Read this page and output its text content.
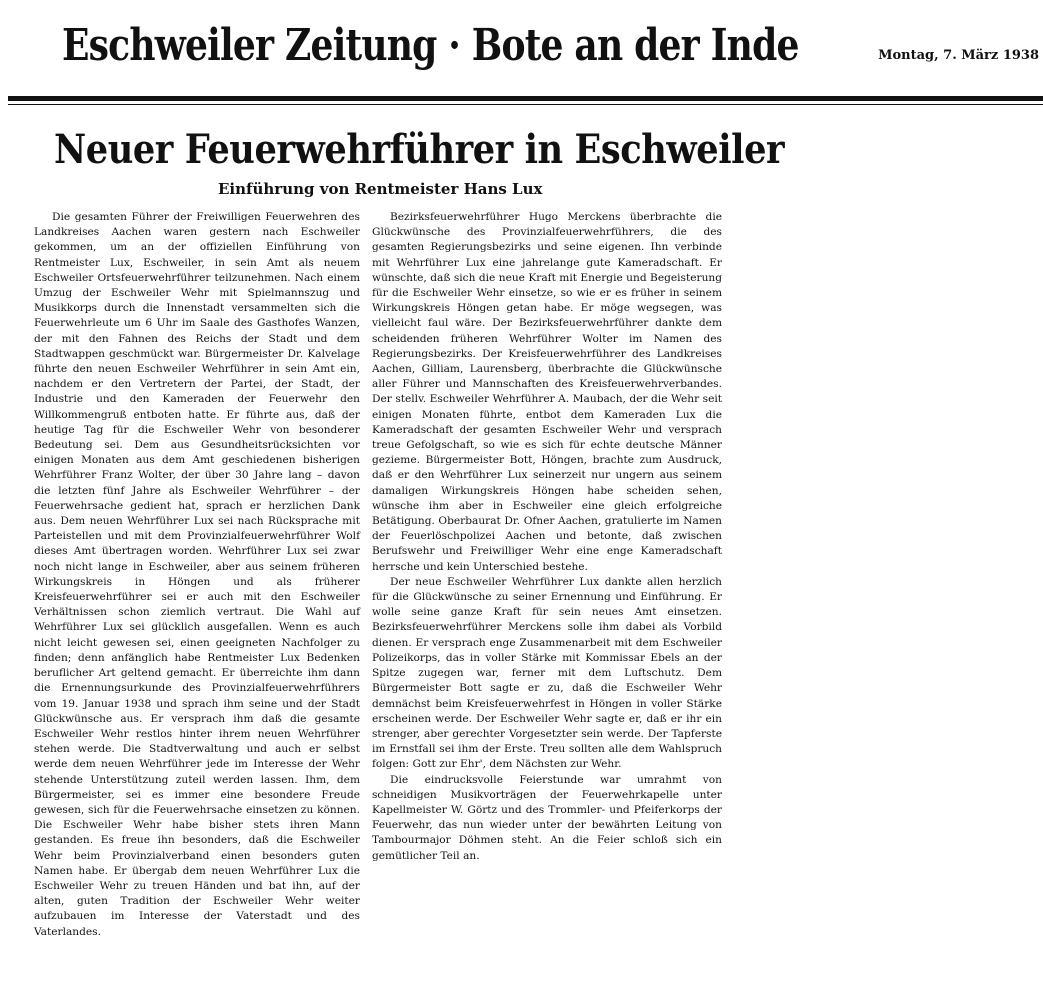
Eschweiler Zeitung · Bote an der Inde	Montag, 7. März 1938
Neuer Feuerwehrführer in Eschweiler
Einführung von Rentmeister Hans Lux

Die gesamten Führer der Freiwilligen Feuerwehren des Landkreises Aachen waren gestern nach Eschweiler gekommen, um an der offiziellen Einführung von Rentmeister Lux, Eschweiler, in sein Amt als neuem Eschweiler Ortsfeuerwehrführer teilzunehmen. Nach einem Umzug der Eschweiler Wehr mit Spielmannszug und Musikkorps durch die Innenstadt versammelten sich die Feuerwehrleute um 6 Uhr im Saale des Gasthofes Wanzen, der mit den Fahnen des Reichs der Stadt und dem Stadtwappen geschmückt war. Bürgermeister Dr. Kalvelage führte den neuen Eschweiler Wehrführer in sein Amt ein, nachdem er den Vertretern der Partei, der Stadt, der Industrie und den Kameraden der Feuerwehr den Willkommengruß entboten hatte. Er führte aus, daß der heutige Tag für die Eschweiler Wehr von besonderer Bedeutung sei. Dem aus Gesundheitsrücksichten vor einigen Monaten aus dem Amt geschiedenen bisherigen Wehrführer Franz Wolter, der über 30 Jahre lang – davon die letzten fünf Jahre als Eschweiler Wehrführer – der Feuerwehrsache gedient hat, sprach er herzlichen Dank aus. Dem neuen Wehrführer Lux sei nach Rücksprache mit Parteistellen und mit dem Provinzialfeuerwehrführer Wolf dieses Amt übertragen worden. Wehrführer Lux sei zwar noch nicht lange in Eschweiler, aber aus seinem früheren Wirkungskreis in Höngen und als früherer Kreisfeuerwehrführer sei er auch mit den Eschweiler Verhältnissen schon ziemlich vertraut. Die Wahl auf Wehrführer Lux sei glücklich ausgefallen. Wenn es auch nicht leicht gewesen sei, einen geeigneten Nachfolger zu finden; denn anfänglich habe Rentmeister Lux Bedenken beruflicher Art geltend gemacht. Er überreichte ihm dann die Ernennungsurkunde des Provinzialfeuerwehrführers vom 19. Januar 1938 und sprach ihm seine und der Stadt Glückwünsche aus. Er versprach ihm daß die gesamte Eschweiler Wehr restlos hinter ihrem neuen Wehrführer stehen werde. Die Stadtverwaltung und auch er selbst werde dem neuen Wehrführer jede im Interesse der Wehr stehende Unterstützung zuteil werden lassen. Ihm, dem Bürgermeister, sei es immer eine besondere Freude gewesen, sich für die Feuerwehrsache einsetzen zu können. Die Eschweiler Wehr habe bisher stets ihren Mann gestanden. Es freue ihn besonders, daß die Eschweiler Wehr beim Provinzialverband einen besonders guten Namen habe. Er übergab dem neuen Wehrführer Lux die Eschweiler Wehr zu treuen Händen und bat ihn, auf der alten, guten Tradition der Eschweiler Wehr weiter aufzubauen im Interesse der Vaterstadt und des Vaterlandes.

Bezirksfeuerwehrführer Hugo Merckens überbrachte die Glückwünsche des Provinzialfeuerwehrführers, die des gesamten Regierungsbezirks und seine eigenen. Ihn verbinde mit Wehrführer Lux eine jahrelange gute Kameradschaft. Er wünschte, daß sich die neue Kraft mit Energie und Begeisterung für die Eschweiler Wehr einsetze, so wie er es früher in seinem Wirkungskreis Höngen getan habe. Er möge wegsegen, was vielleicht faul wäre. Der Bezirksfeuerwehrführer dankte dem scheidenden früheren Wehrführer Wolter im Namen des Regierungsbezirks. Der Kreisfeuerwehrführer des Landkreises Aachen, Gilliam, Laurensberg, überbrachte die Glückwünsche aller Führer und Mannschaften des Kreisfeuerwehrverbandes. Der stellv. Eschweiler Wehrführer A. Maubach, der die Wehr seit einigen Monaten führte, entbot dem Kameraden Lux die Kameradschaft der gesamten Eschweiler Wehr und versprach treue Gefolgschaft, so wie es sich für echte deutsche Männer gezieme. Bürgermeister Bott, Höngen, brachte zum Ausdruck, daß er den Wehrführer Lux seinerzeit nur ungern aus seinem damaligen Wirkungskreis Höngen habe scheiden sehen, wünsche ihm aber in Eschweiler eine gleich erfolgreiche Betätigung. Oberbaurat Dr. Ofner Aachen, gratulierte im Namen der Feuerlöschpolizei Aachen und betonte, daß zwischen Berufswehr und Freiwilliger Wehr eine enge Kameradschaft herrsche und kein Unterschied bestehe.

Der neue Eschweiler Wehrführer Lux dankte allen herzlich für die Glückwünsche zu seiner Ernennung und Einführung. Er wolle seine ganze Kraft für sein neues Amt einsetzen. Bezirksfeuerwehrführer Merckens solle ihm dabei als Vorbild dienen. Er versprach enge Zusammenarbeit mit dem Eschweiler Polizeikorps, das in voller Stärke mit Kommissar Ebels an der Spitze zugegen war, ferner mit dem Luftschutz. Dem Bürgermeister Bott sagte er zu, daß die Eschweiler Wehr demnächst beim Kreisfeuerwehrfest in Höngen in voller Stärke erscheinen werde. Der Eschweiler Wehr sagte er, daß er ihr ein strenger, aber gerechter Vorgesetzter sein werde. Der Tapferste im Ernstfall sei ihm der Erste. Treu sollten alle dem Wahlspruch folgen: Gott zur Ehr', dem Nächsten zur Wehr.

Die eindrucksvolle Feierstunde war umrahmt von schneidigen Musikvorträgen der Feuerwehrkapelle unter Kapellmeister W. Görtz und des Trommler- und Pfeiferkorps der Feuerwehr, das nun wieder unter der bewährten Leitung von Tambourmajor Döhmen steht. An die Feier schloß sich ein gemütlicher Teil an.
